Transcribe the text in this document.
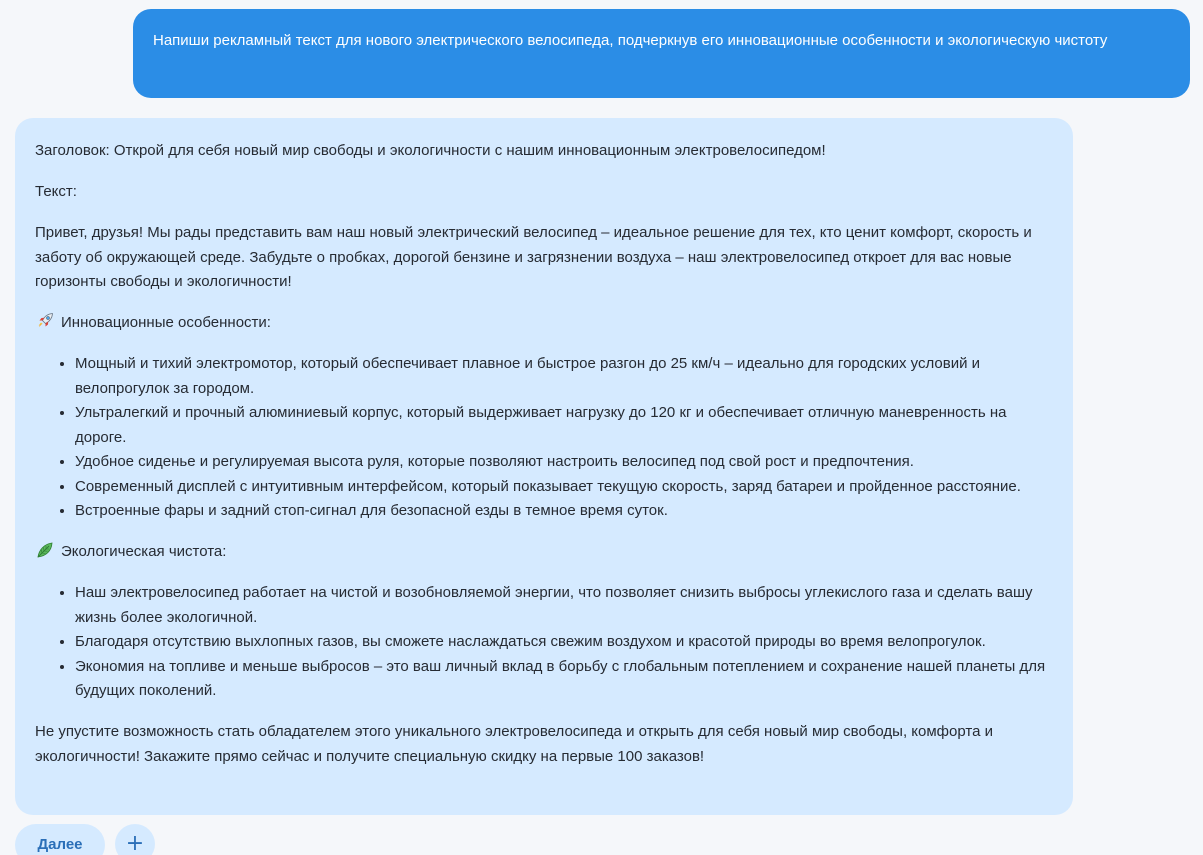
Напиши рекламный текст для нового электрического велосипеда, подчеркнув его инновационные особенности и экологическую чистоту

Заголовок: Открой для себя новый мир свободы и экологичности с нашим инновационным электровелосипедом!

Текст:

Привет, друзья! Мы рады представить вам наш новый электрический велосипед – идеальное решение для тех, кто ценит комфорт, скорость и заботу об окружающей среде. Забудьте о пробках, дорогой бензине и загрязнении воздуха – наш электровелосипед откроет для вас новые горизонты свободы и экологичности!

Инновационные особенности:

• Мощный и тихий электромотор, который обеспечивает плавное и быстрое разгон до 25 км/ч – идеально для городских условий и велопрогулок за городом.
• Ультралегкий и прочный алюминиевый корпус, который выдерживает нагрузку до 120 кг и обеспечивает отличную маневренность на дороге.
• Удобное сиденье и регулируемая высота руля, которые позволяют настроить велосипед под свой рост и предпочтения.
• Современный дисплей с интуитивным интерфейсом, который показывает текущую скорость, заряд батареи и пройденное расстояние.
• Встроенные фары и задний стоп-сигнал для безопасной езды в темное время суток.

Экологическая чистота:

• Наш электровелосипед работает на чистой и возобновляемой энергии, что позволяет снизить выбросы углекислого газа и сделать вашу жизнь более экологичной.
• Благодаря отсутствию выхлопных газов, вы сможете наслаждаться свежим воздухом и красотой природы во время велопрогулок.
• Экономия на топливе и меньше выбросов – это ваш личный вклад в борьбу с глобальным потеплением и сохранение нашей планеты для будущих поколений.

Не упустите возможность стать обладателем этого уникального электровелосипеда и открыть для себя новый мир свободы, комфорта и экологичности! Закажите прямо сейчас и получите специальную скидку на первые 100 заказов!

Далее	+
